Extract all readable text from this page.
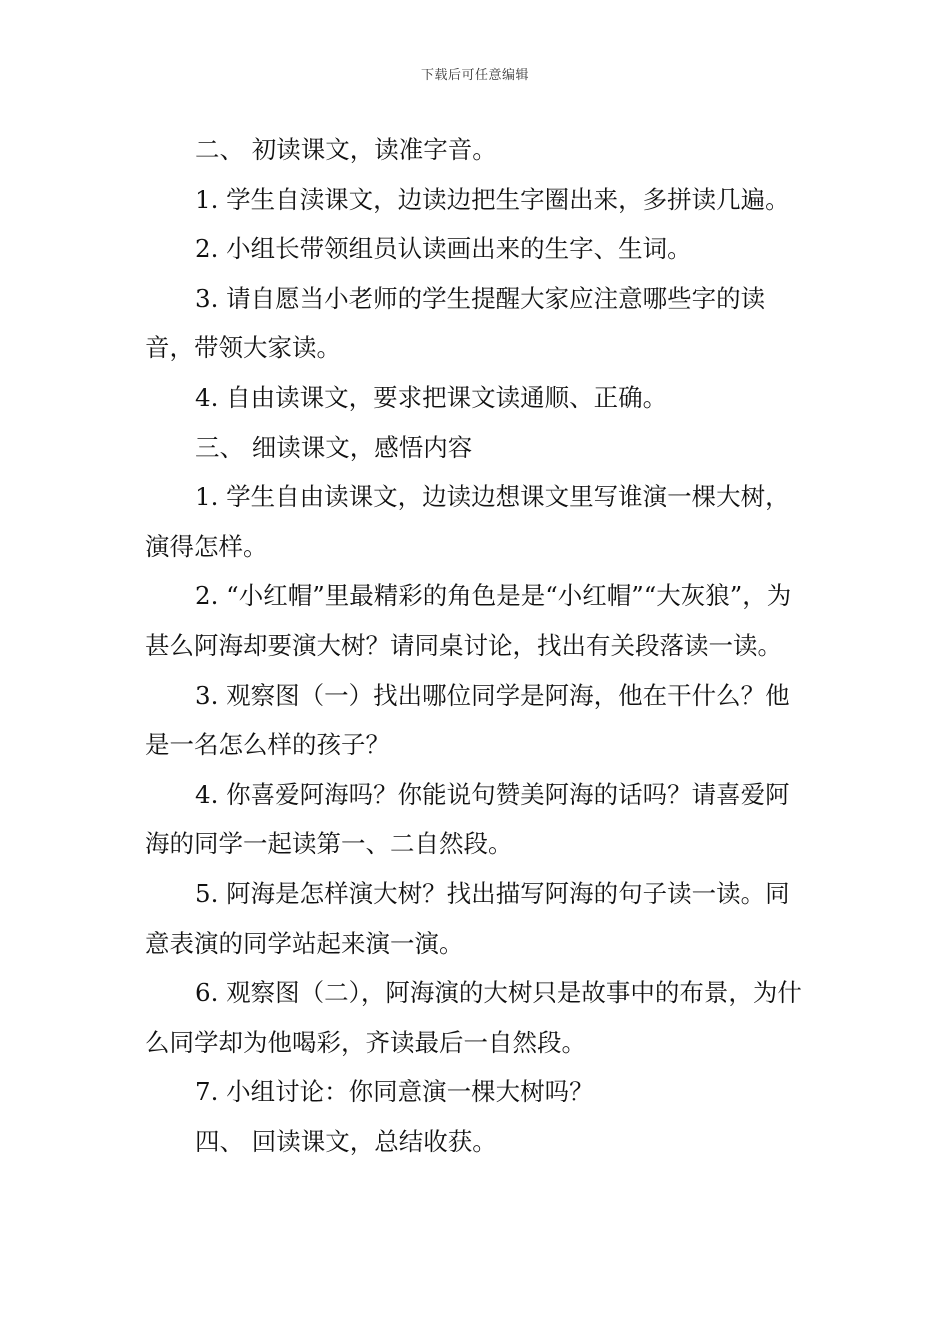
下载后可任意编辑

二、 初读课文，读准字音。

1. 学生自渎课文，边读边把生字圈出来，多拼读几遍。

2. 小组长带领组员认读画出来的生字、生词。

3. 请自愿当小老师的学生提醒大家应注意哪些字的读音，带领大家读。

4. 自由读课文，要求把课文读通顺、正确。

三、 细读课文，感悟内容

1. 学生自由读课文，边读边想课文里写谁演一棵大树，演得怎样。

2. “小红帽”里最精彩的角色是是“小红帽”“大灰狼”，为甚么阿海却要演大树？请同桌讨论，找出有关段落读一读。

3. 观察图（一）找出哪位同学是阿海，他在干什么？他是一名怎么样的孩子？

4. 你喜爱阿海吗？你能说句赞美阿海的话吗？请喜爱阿海的同学一起读第一、二自然段。

5. 阿海是怎样演大树？找出描写阿海的句子读一读。同意表演的同学站起来演一演。

6. 观察图（二），阿海演的大树只是故事中的布景，为什么同学却为他喝彩，齐读最后一自然段。

7. 小组讨论：你同意演一棵大树吗？

四、 回读课文，总结收获。
